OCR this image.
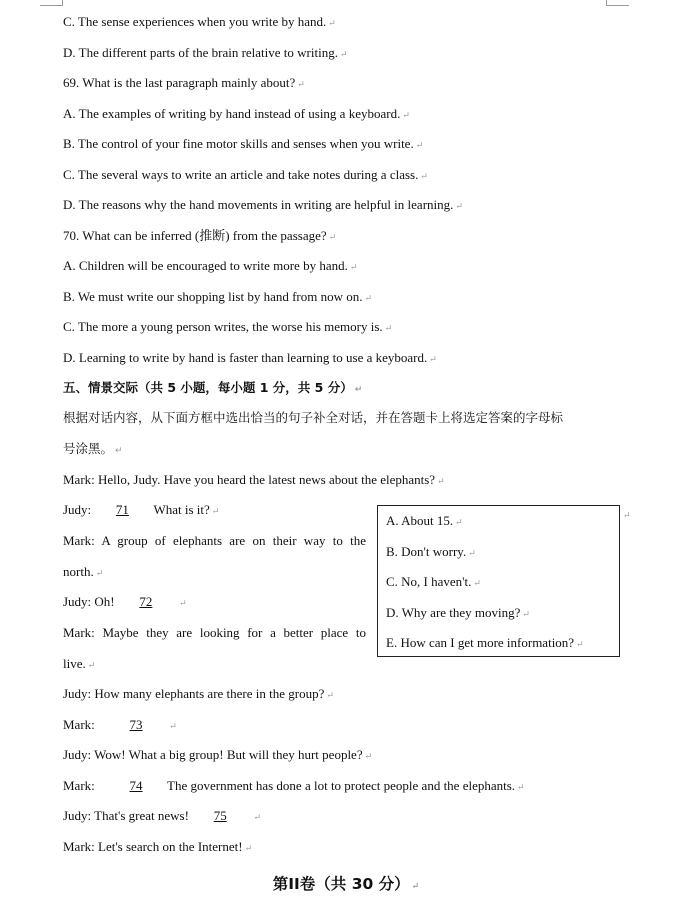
C. The sense experiences when you write by hand. ↵
D. The different parts of the brain relative to writing. ↵
69. What is the last paragraph mainly about? ↵
A. The examples of writing by hand instead of using a keyboard. ↵
B. The control of your fine motor skills and senses when you write. ↵
C. The several ways to write an article and take notes during a class. ↵
D. The reasons why the hand movements in writing are helpful in learning. ↵
70. What can be inferred (推断) from the passage? ↵
A. Children will be encouraged to write more by hand. ↵
B. We must write our shopping list by hand from now on. ↵
C. The more a young person writes, the worse his memory is. ↵
D. Learning to write by hand is faster than learning to use a keyboard. ↵
五、情景交际（共 5 小题，每小题 1 分，共 5 分） ↵
根据对话内容，从下面方框中选出恰当的句子补全对话，并在答题卡上将选定答案的字母标
号涂黑。 ↵
Mark: Hello, Judy. Have you heard the latest news about the elephants? ↵
Judy: 71 What is it? ↵
Mark: A group of elephants are on their way to the
north. ↵
Judy: Oh! 72	↵
Mark: Maybe they are looking for a better place to
live. ↵
Judy: How many elephants are there in the group? ↵
Mark:	73	↵
Judy: Wow! What a big group! But will they hurt people? ↵
Mark:	74 The government has done a lot to protect people and the elephants. ↵
Judy: That's great news! 75	↵
Mark: Let's search on the Internet! ↵
A. About 15. ↵
B. Don't worry. ↵
C. No, I haven't. ↵
D. Why are they moving? ↵
E. How can I get more information? ↵
↵
第II卷（共 30 分） ↵
